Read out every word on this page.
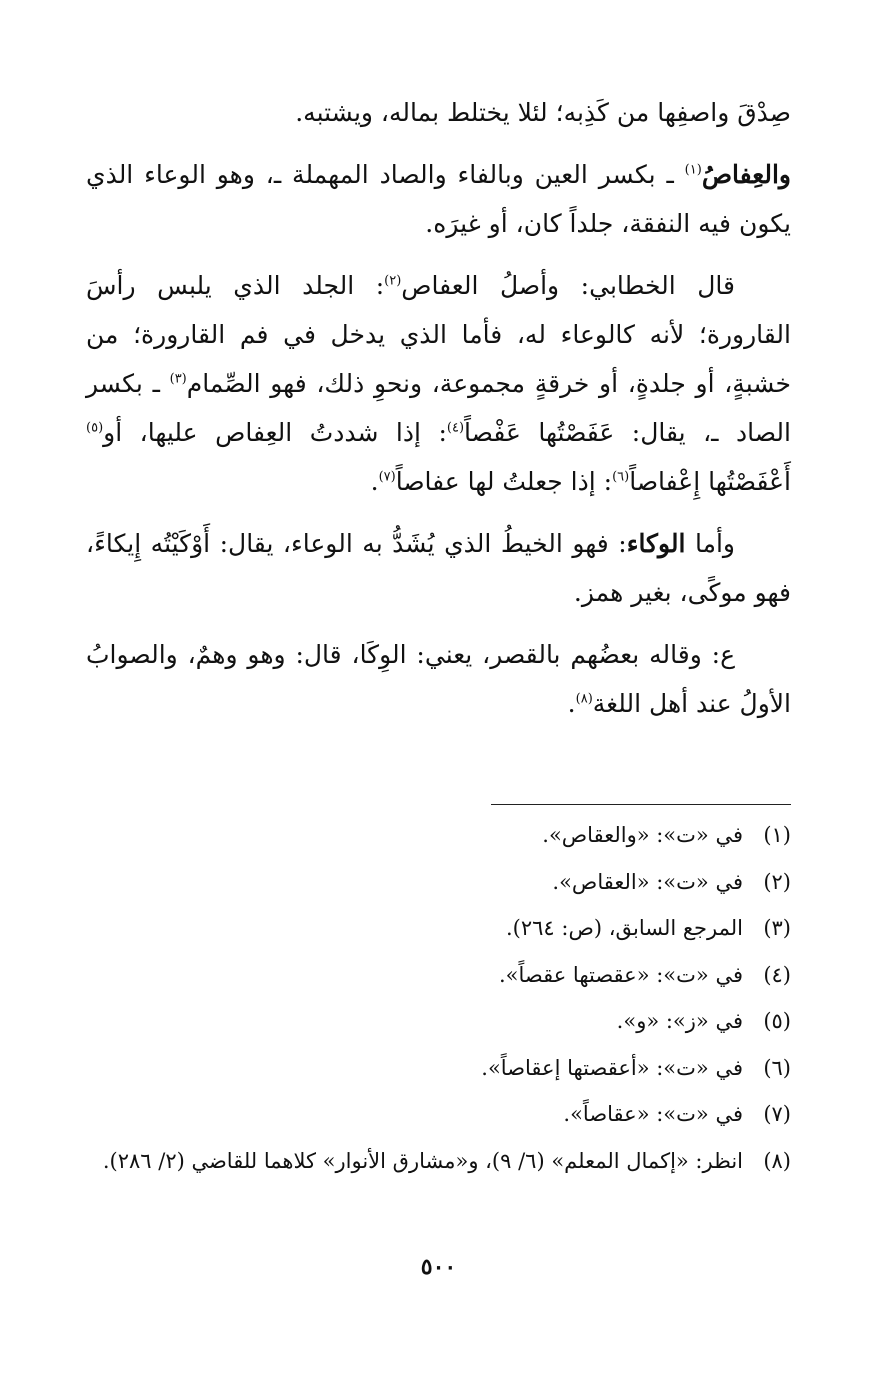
صِدْقَ واصفِها من كَذِبه؛ لئلا يختلط بماله، ويشتبه.

والعِفاصُ$^{(١)}$ ـ بكسر العين وبالفاء والصاد المهملة ـ، وهو الوعاء الذي يكون فيه النفقة، جلداً كان، أو غيرَه.

قال الخطابي: وأصلُ العفاص$^{(٢)}$: الجلد الذي يلبس رأسَ القارورة؛ لأنه كالوعاء له، فأما الذي يدخل في فم القارورة؛ من خشبةٍ، أو جلدةٍ، أو خرقةٍ مجموعة، ونحوِ ذلك، فهو الصِّمام$^{(٣)}$ ـ بكسر الصاد ـ، يقال: عَفَصْتُها عَفْصاً$^{(٤)}$: إذا شددتُ العِفاص عليها، أو$^{(٥)}$ أَعْفَصْتُها إِعْفاصاً$^{(٦)}$: إذا جعلتُ لها عفاصاً$^{(٧)}$.

وأما الوكاء: فهو الخيطُ الذي يُشَدُّ به الوعاء، يقال: أَوْكَيْتُه إِيكاءً، فهو موكًى، بغير همز.

ع: وقاله بعضُهم بالقصر، يعني: الوِكَا، قال: وهو وهمٌ، والصوابُ الأولُ عند أهل اللغة$^{(٨)}$.

(١)
في «ت»: «والعقاص».
(٢)
في «ت»: «العقاص».
(٣)
المرجع السابق، (ص: ٢٦٤).
(٤)
في «ت»: «عقصتها عقصاً».
(٥)
في «ز»: «و».
(٦)
في «ت»: «أعقصتها إعقاصاً».
(٧)
في «ت»: «عقاصاً».
(٨)
انظر: «إكمال المعلم» (٦/ ٩)، و«مشارق الأنوار» كلاهما للقاضي (٢/ ٢٨٦).
٥٠٠
